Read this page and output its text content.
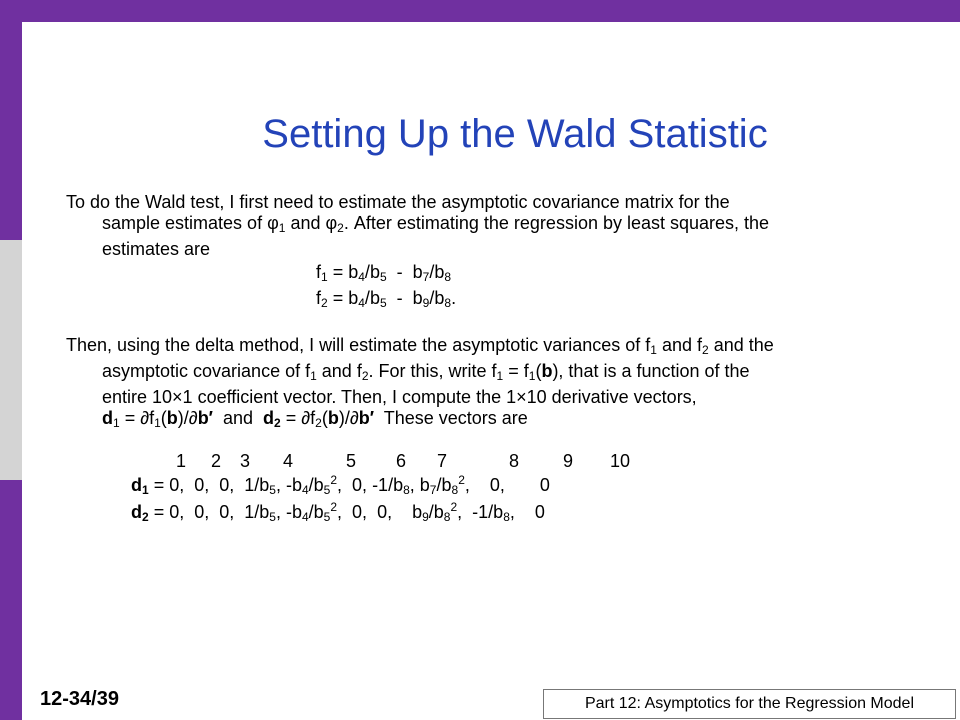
Setting Up the Wald Statistic
To do the Wald test, I first need to estimate the asymptotic covariance matrix for the
sample estimates of $\varphi_1$ and $\varphi_2$. After estimating the regression by least squares, the
estimates are
$f_1 = b_4/b_5 - b_7/b_8$
$f_2 = b_4/b_5 - b_9/b_8$.
Then, using the delta method, I will estimate the asymptotic variances of $f_1$ and $f_2$ and the
asymptotic covariance of $f_1$ and $f_2$. For this, write $f_1 = f_1(b)$, that is a function of the
entire 10×1 coefficient vector. Then, I compute the 1×10 derivative vectors,
$d_1 = \partial f_1(b)/\partial b'$  and  $d_2 = \partial f_2(b)/\partial b'$  These vectors are
1 2 3 4	5 6 7	8 9 10
$d_1 = 0$,  0,  0,  $1/b_5$, $-b_4/b_5^2$,  0, $-1/b_8$, $b_7/b_8^2$,    0,       0
$d_2 = 0$,  0,  0,  $1/b_5$, $-b_4/b_5^2$,  0,  0,    $b_9/b_8^2$,  $-1/b_8$,    0
12-34/39	Part 12: Asymptotics for the Regression Model
